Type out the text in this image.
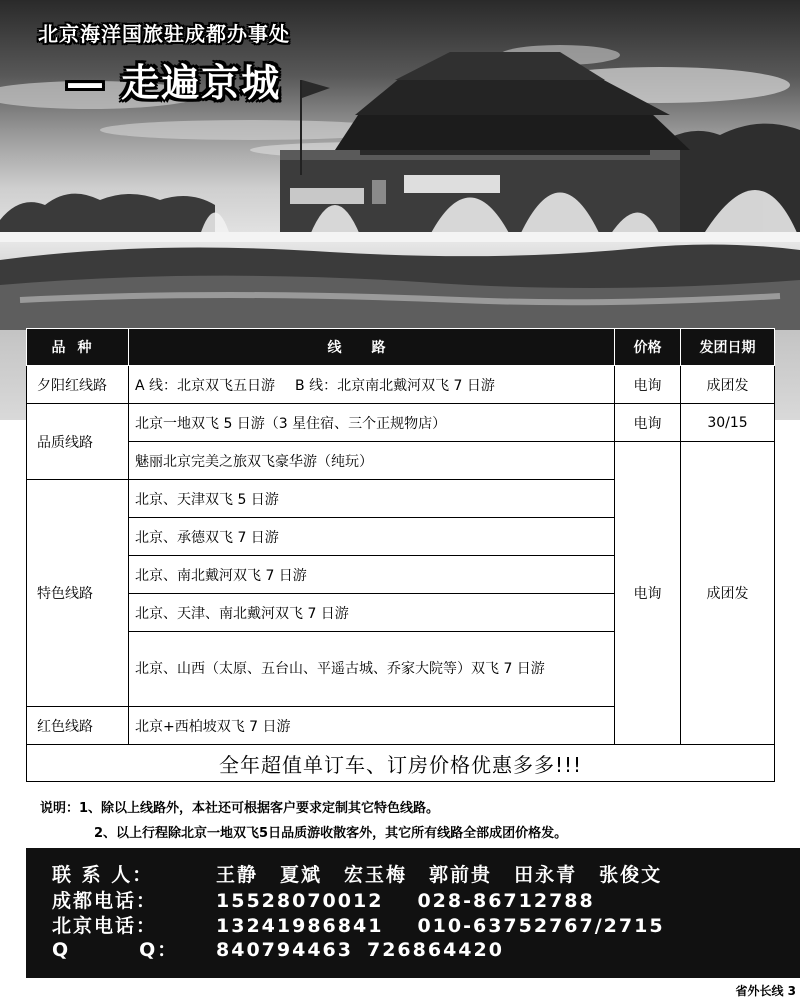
北京海洋国旅驻成都办事处
— 走遍京城
品种	线路	价格	发团日期
夕阳红线路	A 线：北京双飞五日游 B 线：北京南北戴河双飞 7 日游	电询	成团发
品质线路	北京一地双飞 5 日游（3 星住宿、三个正规物店）	电询	30/15
	魅丽北京完美之旅双飞豪华游（纯玩）	电询	成团发
特色线路	北京、天津双飞 5 日游		
	北京、承德双飞 7 日游		
	北京、南北戴河双飞 7 日游		
	北京、天津、南北戴河双飞 7 日游		
	北京、山西（太原、五台山、平遥古城、乔家大院等）双飞 7 日游		
红色线路	北京+西柏坡双飞 7 日游		
全年超值单订车、订房价格优惠多多!!!			
说明：1、除以上线路外，本社还可根据客户要求定制其它特色线路。
2、以上行程除北京一地双飞5日品质游收散客外，其它所有线路全部成团价格发。
联 系 人：	王静 夏斌 宏玉梅 郭前贵 田永青 张俊文
成都电话：	15528070012 028-86712788
北京电话：	13241986841 010-63752767/2715
Q        Q： 840794463 726864420
省外长线 3
